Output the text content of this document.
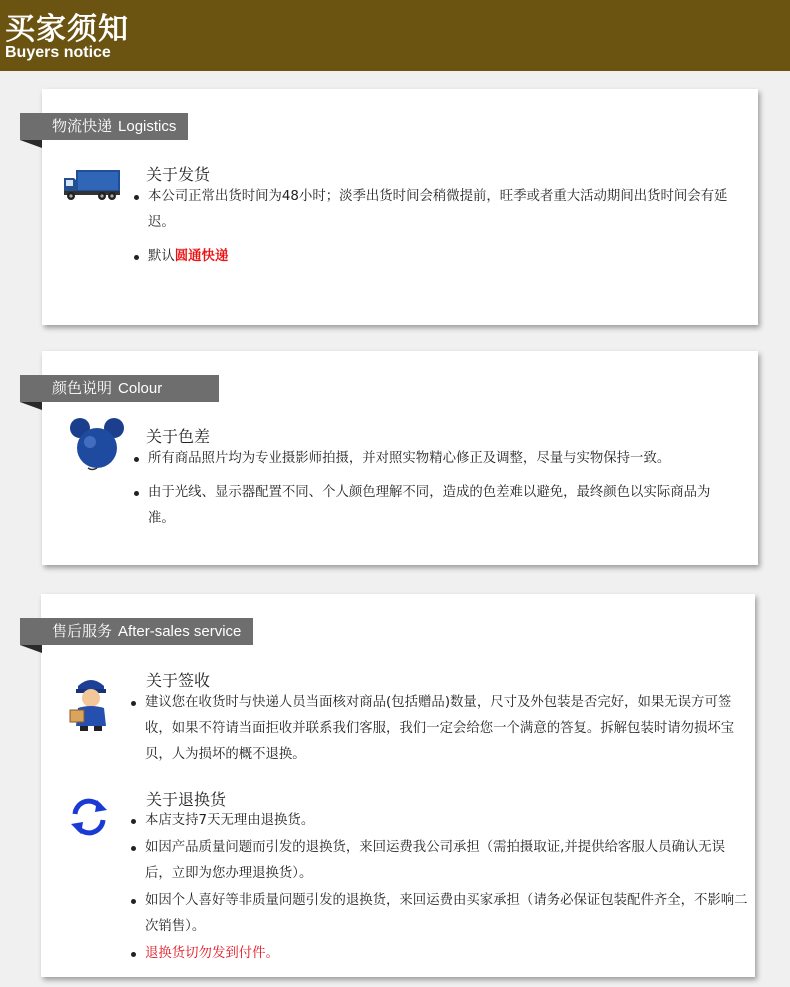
买家须知
Buyers notice
物流快递 Logistics
关于发货
本公司正常出货时间为48小时；淡季出货时间会稍微提前，旺季或者重大活动期间出货时间会有延迟。
默认圆通快递
颜色说明 Colour
关于色差
所有商品照片均为专业摄影师拍摄，并对照实物精心修正及调整，尽量与实物保持一致。
由于光线、显示器配置不同、个人颜色理解不同，造成的色差难以避免，最终颜色以实际商品为准。
售后服务 After-sales service
关于签收
建议您在收货时与快递人员当面核对商品(包括赠品)数量，尺寸及外包装是否完好，如果无误方可签收，如果不符请当面拒收并联系我们客服，我们一定会给您一个满意的答复。拆解包装时请勿损坏宝贝，人为损坏的概不退换。
关于退换货
本店支持7天无理由退换货。
如因产品质量问题而引发的退换货，来回运费我公司承担（需拍摄取证,并提供给客服人员确认无误后，立即为您办理退换货）。
如因个人喜好等非质量问题引发的退换货，来回运费由买家承担（请务必保证包装配件齐全，不影响二次销售）。
退换货切勿发到付件。
